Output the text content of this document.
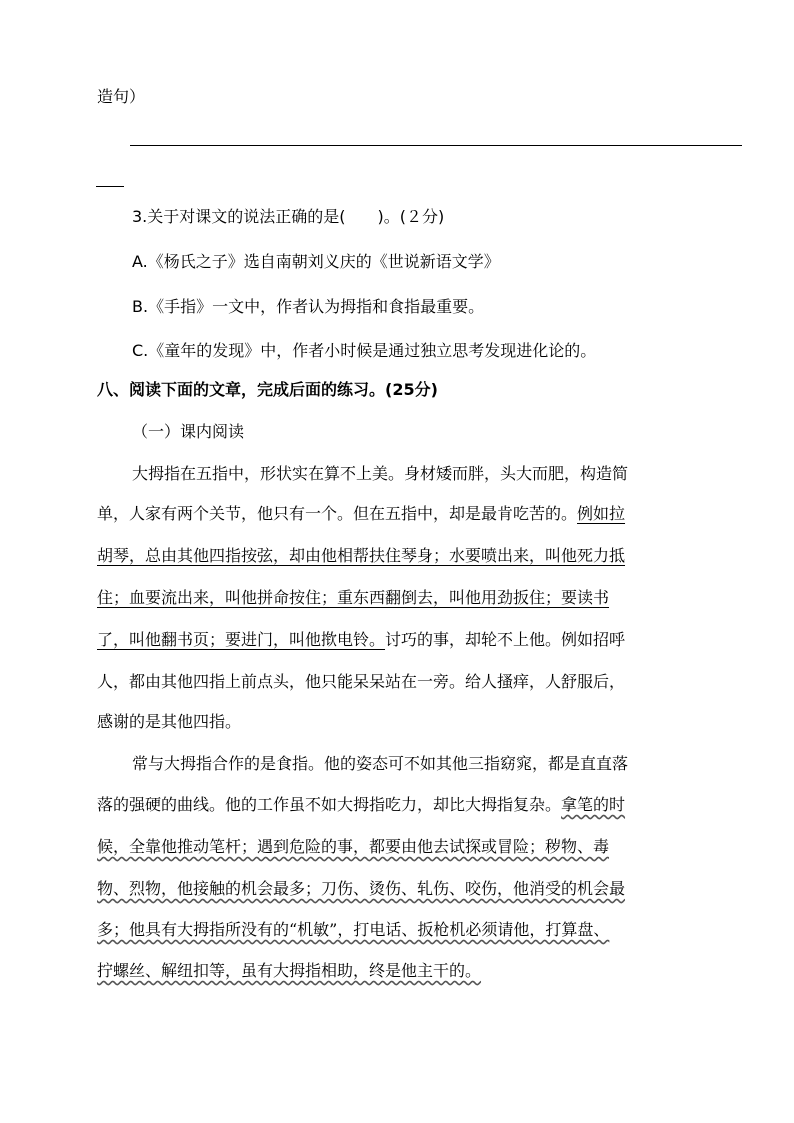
造句）
3.关于对课文的说法正确的是(　　)。(２分)
A.《杨氏之子》选自南朝刘义庆的《世说新语文学》
B.《手指》一文中，作者认为拇指和食指最重要。
C.《童年的发现》中，作者小时候是通过独立思考发现进化论的。
八、阅读下面的文章，完成后面的练习。(25分)
（一）课内阅读
大拇指在五指中，形状实在算不上美。身材矮而胖，头大而肥，构造简
单，人家有两个关节，他只有一个。但在五指中，却是最肯吃苦的。例如拉
胡琴，总由其他四指按弦，却由他相帮扶住琴身；水要喷出来，叫他死力抵
住；血要流出来，叫他拼命按住；重东西翻倒去，叫他用劲扳住；要读书
了，叫他翻书页；要进门，叫他揿电铃。讨巧的事，却轮不上他。例如招呼
人，都由其他四指上前点头，他只能呆呆站在一旁。给人搔痒，人舒服后，
感谢的是其他四指。
常与大拇指合作的是食指。他的姿态可不如其他三指窈窕，都是直直落
落的强硬的曲线。他的工作虽不如大拇指吃力，却比大拇指复杂。拿笔的时
候，全靠他推动笔杆；遇到危险的事，都要由他去试探或冒险；秽物、毒
物、烈物，他接触的机会最多；刀伤、烫伤、轧伤、咬伤，他消受的机会最
多；他具有大拇指所没有的“机敏”，打电话、扳枪机必须请他，打算盘、
拧螺丝、解纽扣等，虽有大拇指相助，终是他主干的。
